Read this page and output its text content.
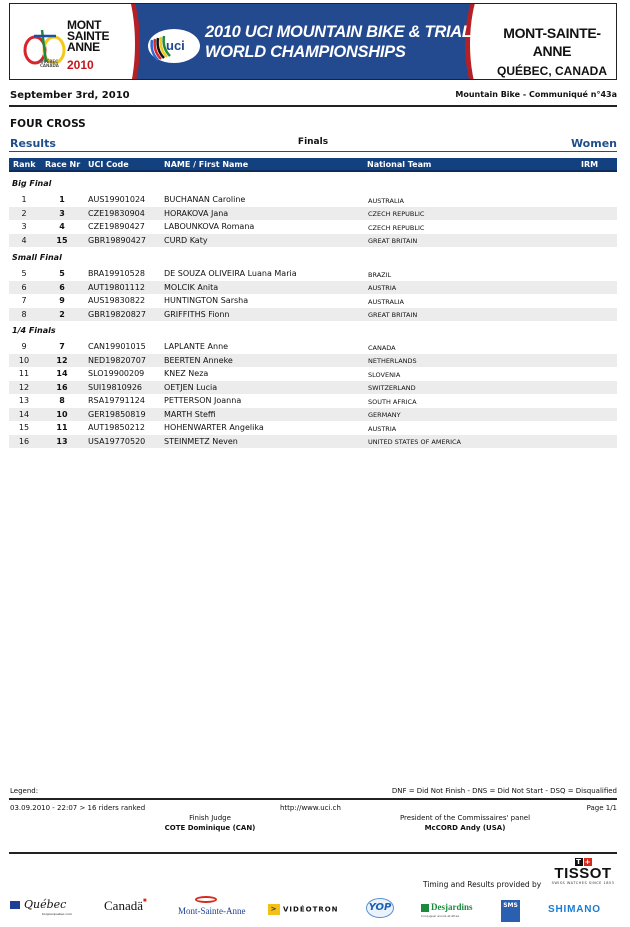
MONT
SAINTE
ANNE
QUÉBEC
CANADA 2010
uci
2010 UCI MOUNTAIN BIKE & TRIALS
WORLD CHAMPIONSHIPS
MONT-SAINTE-ANNE
QUÉBEC, CANADA
September 3rd, 2010	Mountain Bike - Communiqué n°43a
FOUR CROSS
Results	Finals	Women
Rank Race Nr UCI Code	NAME / First Name	National Team	IRM
Big Final
1	1	AUS19901024 BUCHANAN Caroline	AUSTRALIA
2	3	CZE19830904 HORAKOVA Jana	CZECH REPUBLIC
3	4	CZE19890427 LABOUNKOVA Romana	CZECH REPUBLIC
4	15	GBR19890427 CURD Katy	GREAT BRITAIN
Small Final
5	5	BRA19910528 DE SOUZA OLIVEIRA Luana Maria	BRAZIL
6	6	AUT19801112 MOLCIK Anita	AUSTRIA
7	9	AUS19830822 HUNTINGTON Sarsha	AUSTRALIA
8	2	GBR19820827 GRIFFITHS Fionn	GREAT BRITAIN
1/4 Finals
9	7	CAN19901015 LAPLANTE Anne	CANADA
10	12	NED19820707 BEERTEN Anneke	NETHERLANDS
11	14	SLO19900209 KNEZ Neza	SLOVENIA
12	16	SUI19810926	OETJEN Lucia	SWITZERLAND
13	8	RSA19791124 PETTERSON Joanna	SOUTH AFRICA
14	10	GER19850819 MARTH Steffi	GERMANY
15	11	AUT19850212 HOHENWARTER Angelika	AUSTRIA
16	13	USA19770520 STEINMETZ Neven	UNITED STATES OF AMERICA
Legend:	DNF = Did Not Finish - DNS = Did Not Start - DSQ = Disqualified
03.09.2010 - 22:07 > 16 riders ranked	http://www.uci.ch	Page 1/1
Finish Judge
COTE Dominique (CAN)
President of the Commissaires' panel
McCORD Andy (USA)
Timing and Results provided by
T +
TISSOT
SWISS WATCHES SINCE 1853
Québec
bonjourquebec.com
Canadä■
Mont-Sainte-Anne	> VIDÉOTRON	YOP	Desjardins
Conjuguer avoirs et êtres
SMS	SHIMANO
